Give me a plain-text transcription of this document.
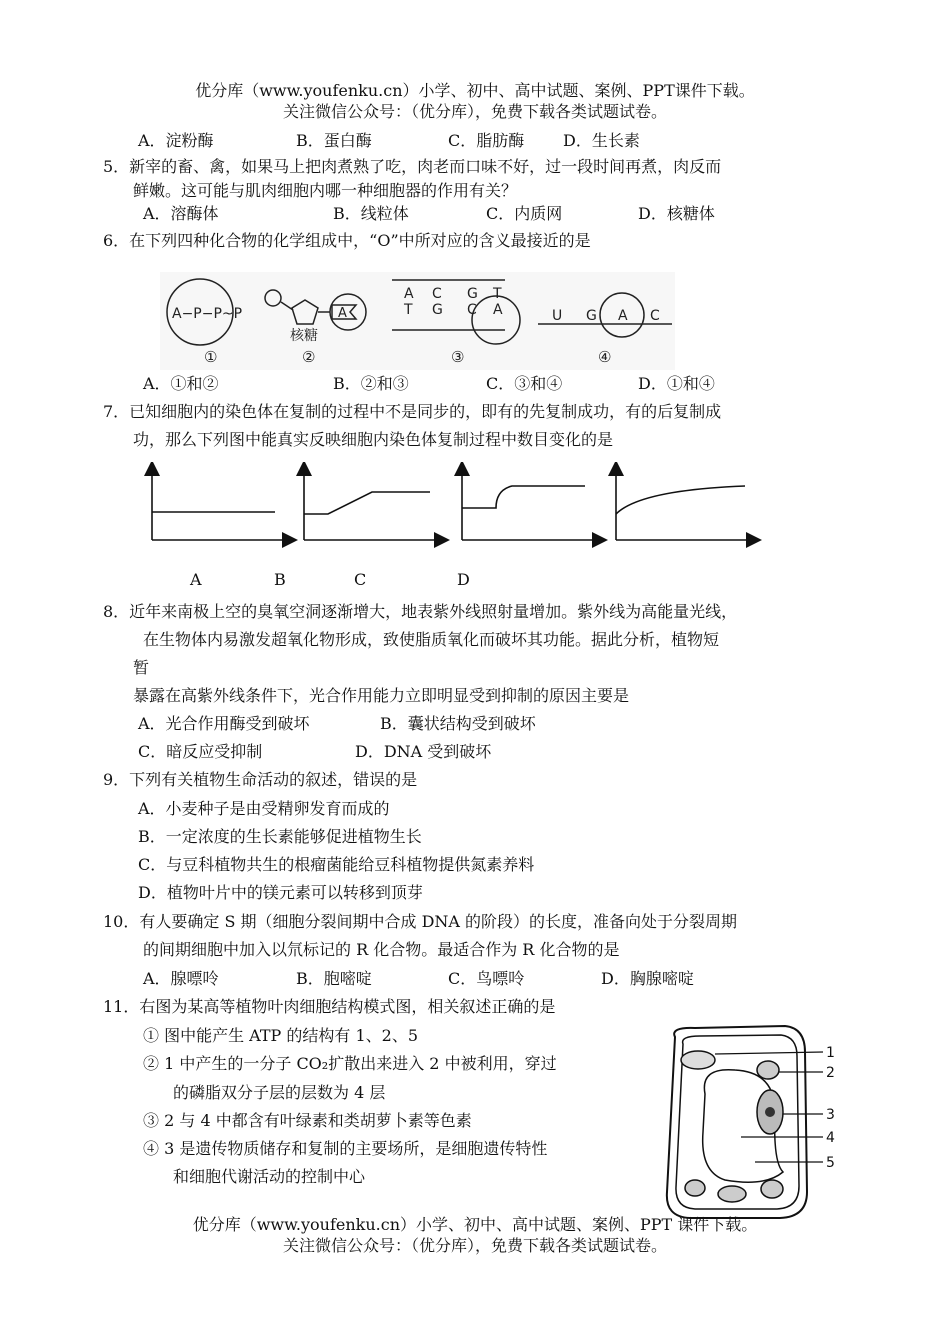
优分库（www.youfenku.cn）小学、初中、高中试题、案例、PPT课件下载。
关注微信公众号：（优分库），免费下载各类试题试卷。
A．淀粉酶	B．蛋白酶	C．脂肪酶 D．生长素
5．新宰的畜、禽，如果马上把肉煮熟了吃，肉老而口味不好，过一段时间再煮，肉反而
鲜嫩。这可能与肌肉细胞内哪一种细胞器的作用有关？
A．溶酶体	B．线粒体	C．内质网	D．核糖体
6．在下列四种化合物的化学组成中，“O”中所对应的含义最接近的是
A−P−P~P
①
A
核糖
②
A C G T
T G C A
③
U G A C
④
A．①和②	B．②和③	C．③和④	D．①和④
7．已知细胞内的染色体在复制的过程中不是同步的，即有的先复制成功，有的后复制成
功，那么下列图中能真实反映细胞内染色体复制过程中数目变化的是
A	B	C	D
8．近年来南极上空的臭氧空洞逐渐增大，地表紫外线照射量增加。紫外线为高能量光线，
在生物体内易激发超氧化物形成，致使脂质氧化而破坏其功能。据此分析，植物短
暂
暴露在高紫外线条件下，光合作用能力立即明显受到抑制的原因主要是
A．光合作用酶受到破坏	B．囊状结构受到破坏
C．暗反应受抑制	D．DNA 受到破坏
9．下列有关植物生命活动的叙述，错误的是
A．小麦种子是由受精卵发育而成的
B．一定浓度的生长素能够促进植物生长
C．与豆科植物共生的根瘤菌能给豆科植物提供氮素养料
D．植物叶片中的镁元素可以转移到顶芽
10．有人要确定 S 期（细胞分裂间期中合成 DNA 的阶段）的长度，准备向处于分裂周期
的间期细胞中加入以氘标记的 R 化合物。最适合作为 R 化合物的是
A．腺嘌呤	B．胞嘧啶	C．鸟嘌呤	D．胸腺嘧啶
11．右图为某高等植物叶肉细胞结构模式图，相关叙述正确的是
① 图中能产生 ATP 的结构有 1、2、5
② 1 中产生的一分子 CO₂扩散出来进入 2 中被利用，穿过
的磷脂双分子层的层数为 4 层
③ 2 与 4 中都含有叶绿素和类胡萝卜素等色素
④ 3 是遗传物质储存和复制的主要场所，是细胞遗传特性
和细胞代谢活动的控制中心
1
2
3
4
5
优分库（www.youfenku.cn）小学、初中、高中试题、案例、PPT 课件下载。
关注微信公众号：（优分库），免费下载各类试题试卷。
